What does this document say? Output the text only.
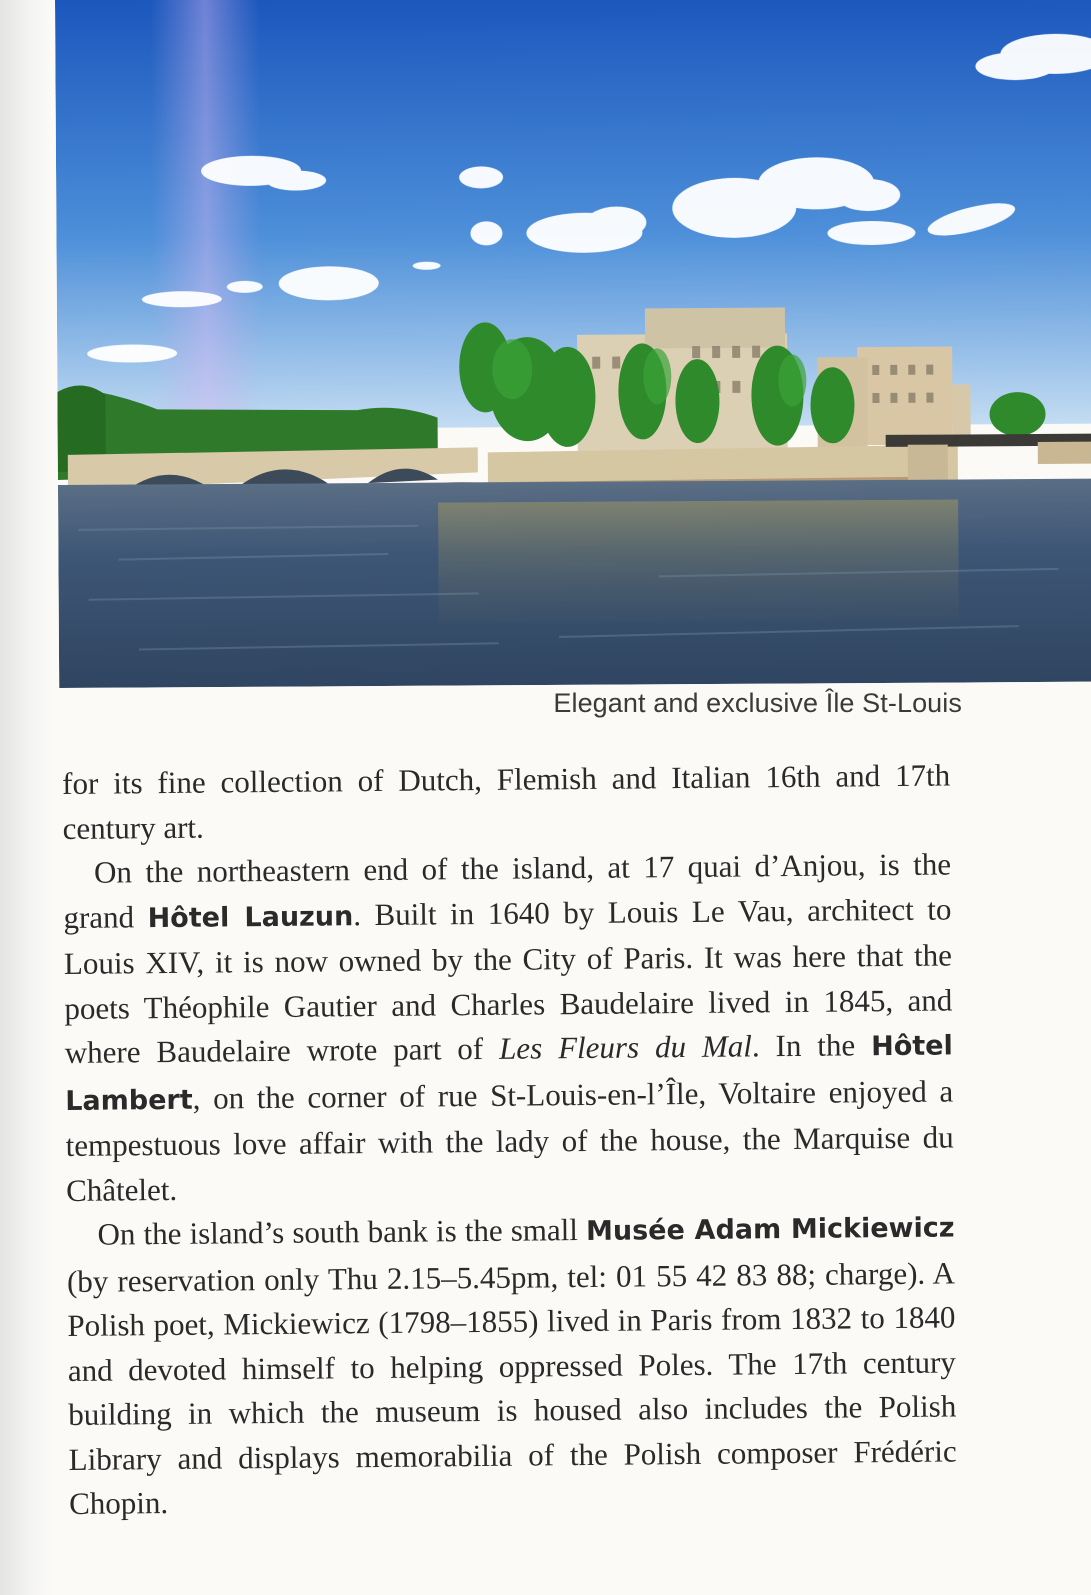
Elegant and exclusive Île St-Louis

for its fine collection of Dutch, Flemish and Italian 16th and 17th century art.

On the northeastern end of the island, at 17 quai d’Anjou, is the grand Hôtel Lauzun. Built in 1640 by Louis Le Vau, architect to Louis XIV, it is now owned by the City of Paris. It was here that the poets Théophile Gautier and Charles Baudelaire lived in 1845, and where Baudelaire wrote part of Les Fleurs du Mal. In the Hôtel Lambert, on the corner of rue St-Louis-en-l’Île, Voltaire enjoyed a tempestuous love affair with the lady of the house, the Marquise du Châtelet.

On the island’s south bank is the small Musée Adam Mickiewicz (by reservation only Thu 2.15–5.45pm, tel: 01 55 42 83 88; charge). A Polish poet, Mickiewicz (1798–1855) lived in Paris from 1832 to 1840 and devoted himself to helping oppressed Poles. The 17th century building in which the museum is housed also includes the Polish Library and displays memorabilia of the Polish composer Frédéric Chopin.
